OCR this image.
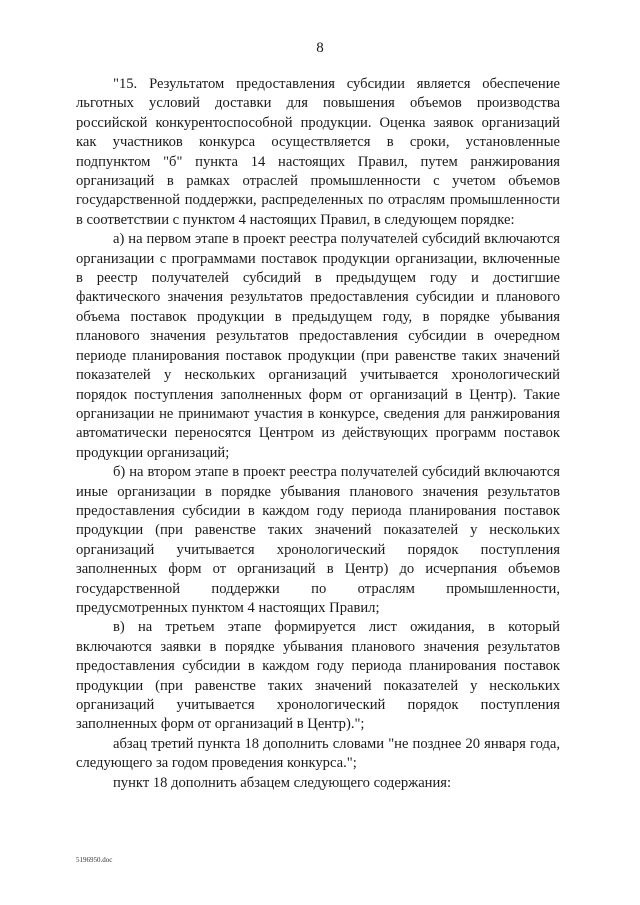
8

"15. Результатом предоставления субсидии является обеспечение льготных условий доставки для повышения объемов производства российской конкурентоспособной продукции. Оценка заявок организаций как участников конкурса осуществляется в сроки, установленные подпунктом "б" пункта 14 настоящих Правил, путем ранжирования организаций в рамках отраслей промышленности с учетом объемов государственной поддержки, распределенных по отраслям промышленности в соответствии с пунктом 4 настоящих Правил, в следующем порядке:

а) на первом этапе в проект реестра получателей субсидий включаются организации с программами поставок продукции организации, включенные в реестр получателей субсидий в предыдущем году и достигшие фактического значения результатов предоставления субсидии и планового объема поставок продукции в предыдущем году, в порядке убывания планового значения результатов предоставления субсидии в очередном периоде планирования поставок продукции (при равенстве таких значений показателей у нескольких организаций учитывается хронологический порядок поступления заполненных форм от организаций в Центр). Такие организации не принимают участия в конкурсе, сведения для ранжирования автоматически переносятся Центром из действующих программ поставок продукции организаций;

б) на втором этапе в проект реестра получателей субсидий включаются иные организации в порядке убывания планового значения результатов предоставления субсидии в каждом году периода планирования поставок продукции (при равенстве таких значений показателей у нескольких организаций учитывается хронологический порядок поступления заполненных форм от организаций в Центр) до исчерпания объемов государственной поддержки по отраслям промышленности, предусмотренных пунктом 4 настоящих Правил;

в) на третьем этапе формируется лист ожидания, в который включаются заявки в порядке убывания планового значения результатов предоставления субсидии в каждом году периода планирования поставок продукции (при равенстве таких значений показателей у нескольких организаций учитывается хронологический порядок поступления заполненных форм от организаций в Центр).";

абзац третий пункта 18 дополнить словами "не позднее 20 января года, следующего за годом проведения конкурса.";

пункт 18 дополнить абзацем следующего содержания:

5196950.doc
